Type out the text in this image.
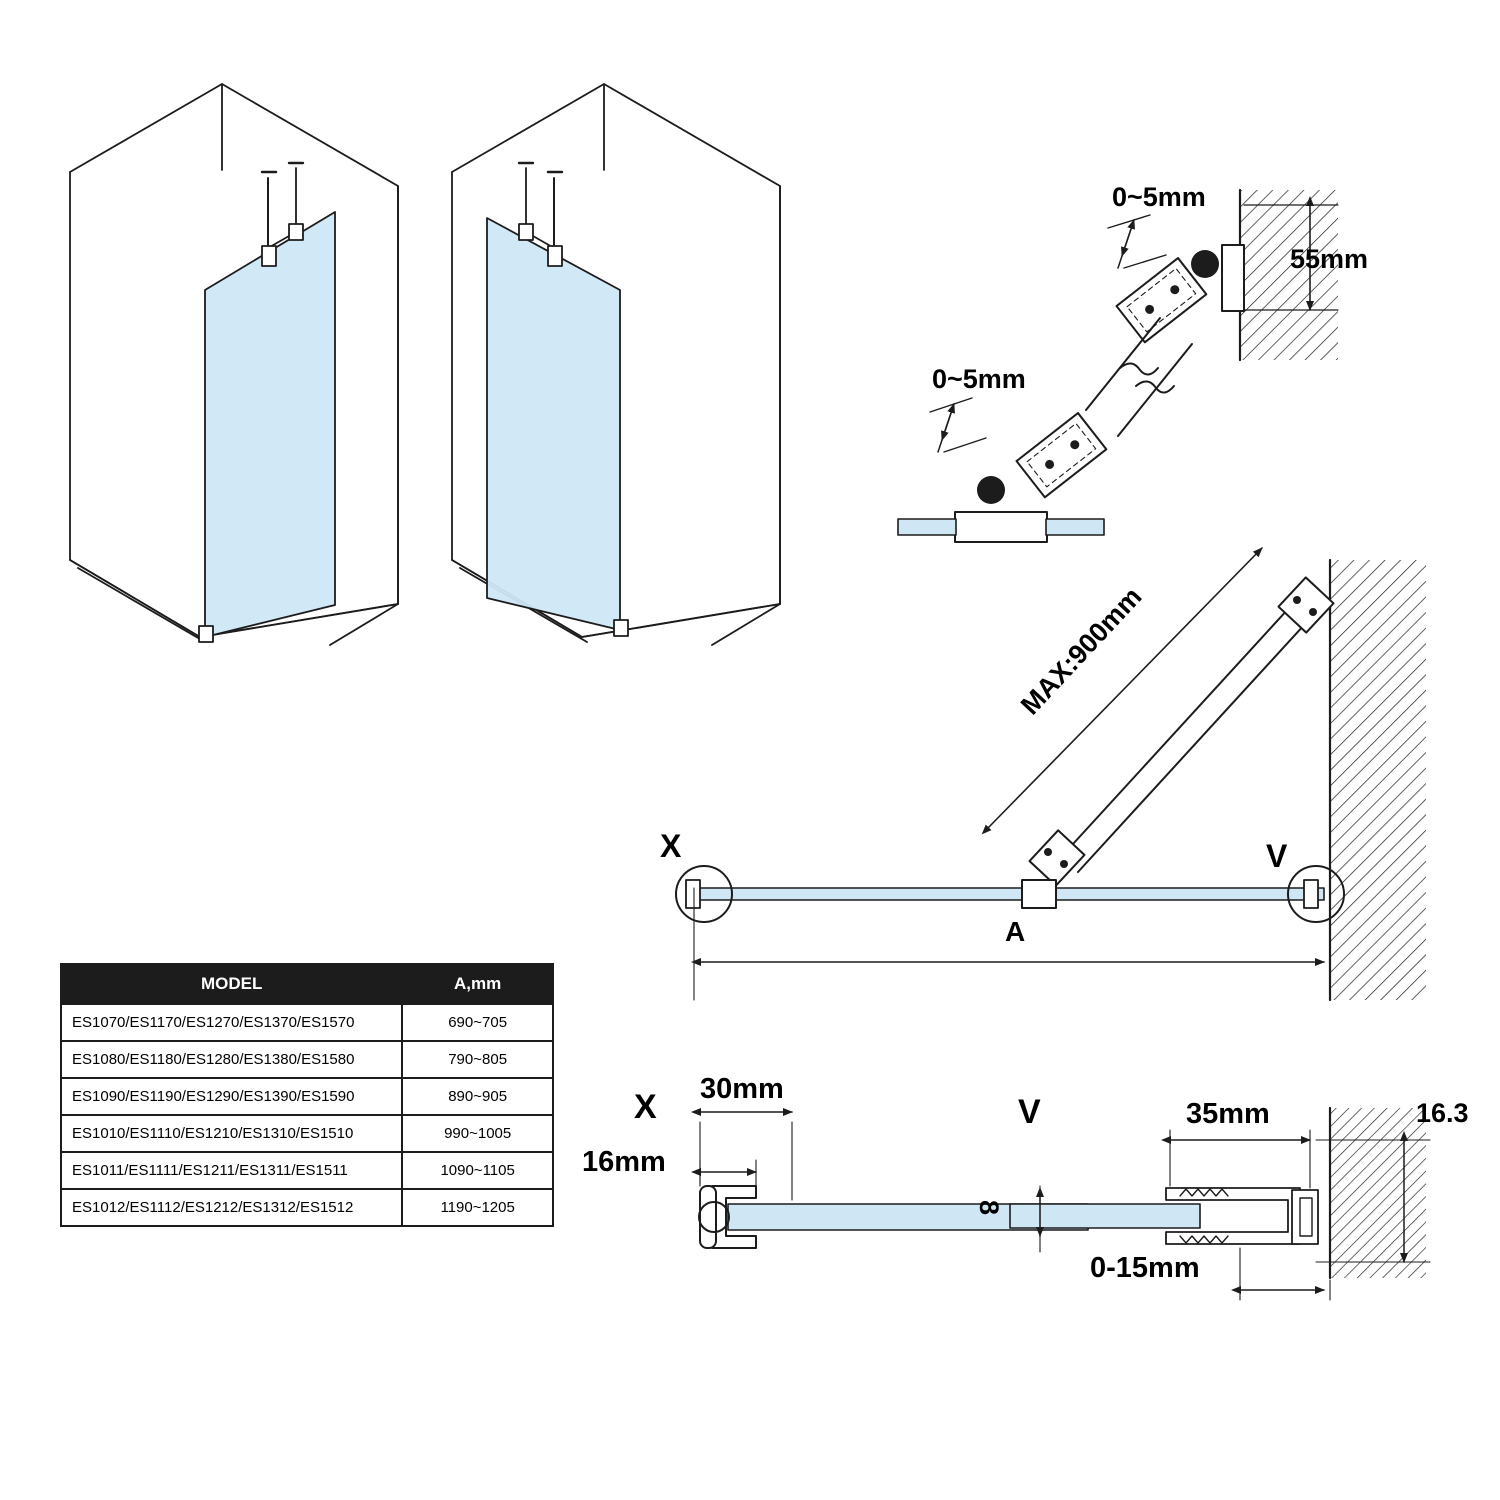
0~5mm
0~5mm
55mm
MAX:900mm
A
X	V
X 30mm
16mm
V	35mm	16.3
8
0-15mm
MODEL	A,mm
ES1070/ES1170/ES1270/ES1370/ES1570	690~705
ES1080/ES1180/ES1280/ES1380/ES1580	790~805
ES1090/ES1190/ES1290/ES1390/ES1590	890~905
ES1010/ES1110/ES1210/ES1310/ES1510	990~1005
ES1011/ES1111/ES1211/ES1311/ES1511	1090~1105
ES1012/ES1112/ES1212/ES1312/ES1512	1190~1205
